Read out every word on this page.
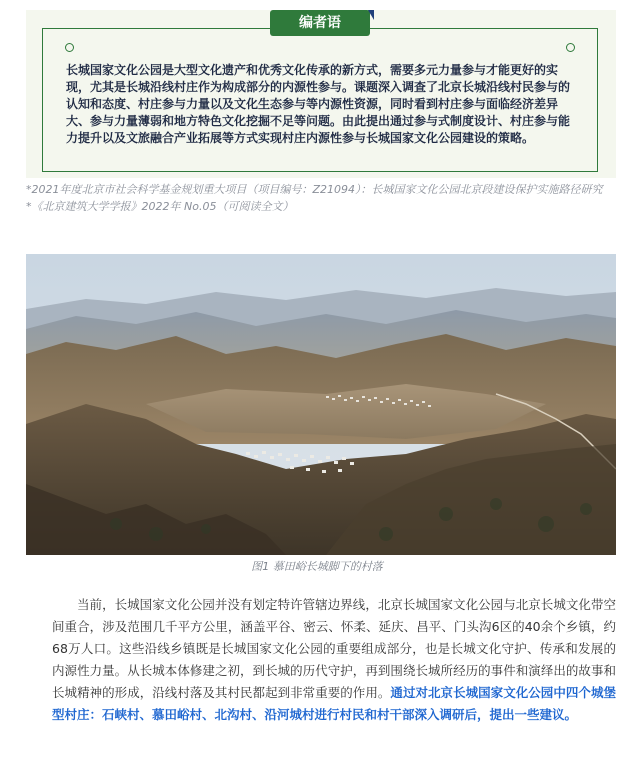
编者语
长城国家文化公园是大型文化遗产和优秀文化传承的新方式，需要多元力量参与才能更好的实现，尤其是长城沿线村庄作为构成部分的内源性参与。课题深入调查了北京长城沿线村民参与的认知和态度、村庄参与力量以及文化生态参与等内源性资源，同时看到村庄参与面临经济差异大、参与力量薄弱和地方特色文化挖掘不足等问题。由此提出通过参与式制度设计、村庄参与能力提升以及文旅融合产业拓展等方式实现村庄内源性参与长城国家文化公园建设的策略。
*2021年度北京市社会科学基金规划重大项目（项目编号：Z21094）：长城国家文化公园北京段建设保护实施路径研究
*《北京建筑大学学报》2022年 No.05（可阅读全文）
图1 慕田峪长城脚下的村落
当前，长城国家文化公园并没有划定特许管辖边界线，北京长城国家文化公园与北京长城文化带空间重合，涉及范围几千平方公里，涵盖平谷、密云、怀柔、延庆、昌平、门头沟6区的40余个乡镇，约68万人口。这些沿线乡镇既是长城国家文化公园的重要组成部分，也是长城文化守护、传承和发展的内源性力量。从长城本体修建之初，到长城的历代守护，再到围绕长城所经历的事件和演绎出的故事和长城精神的形成，沿线村落及其村民都起到非常重要的作用。通过对北京长城国家文化公园中四个城堡型村庄：石峡村、慕田峪村、北沟村、沿河城村进行村民和村干部深入调研后，提出一些建议。
